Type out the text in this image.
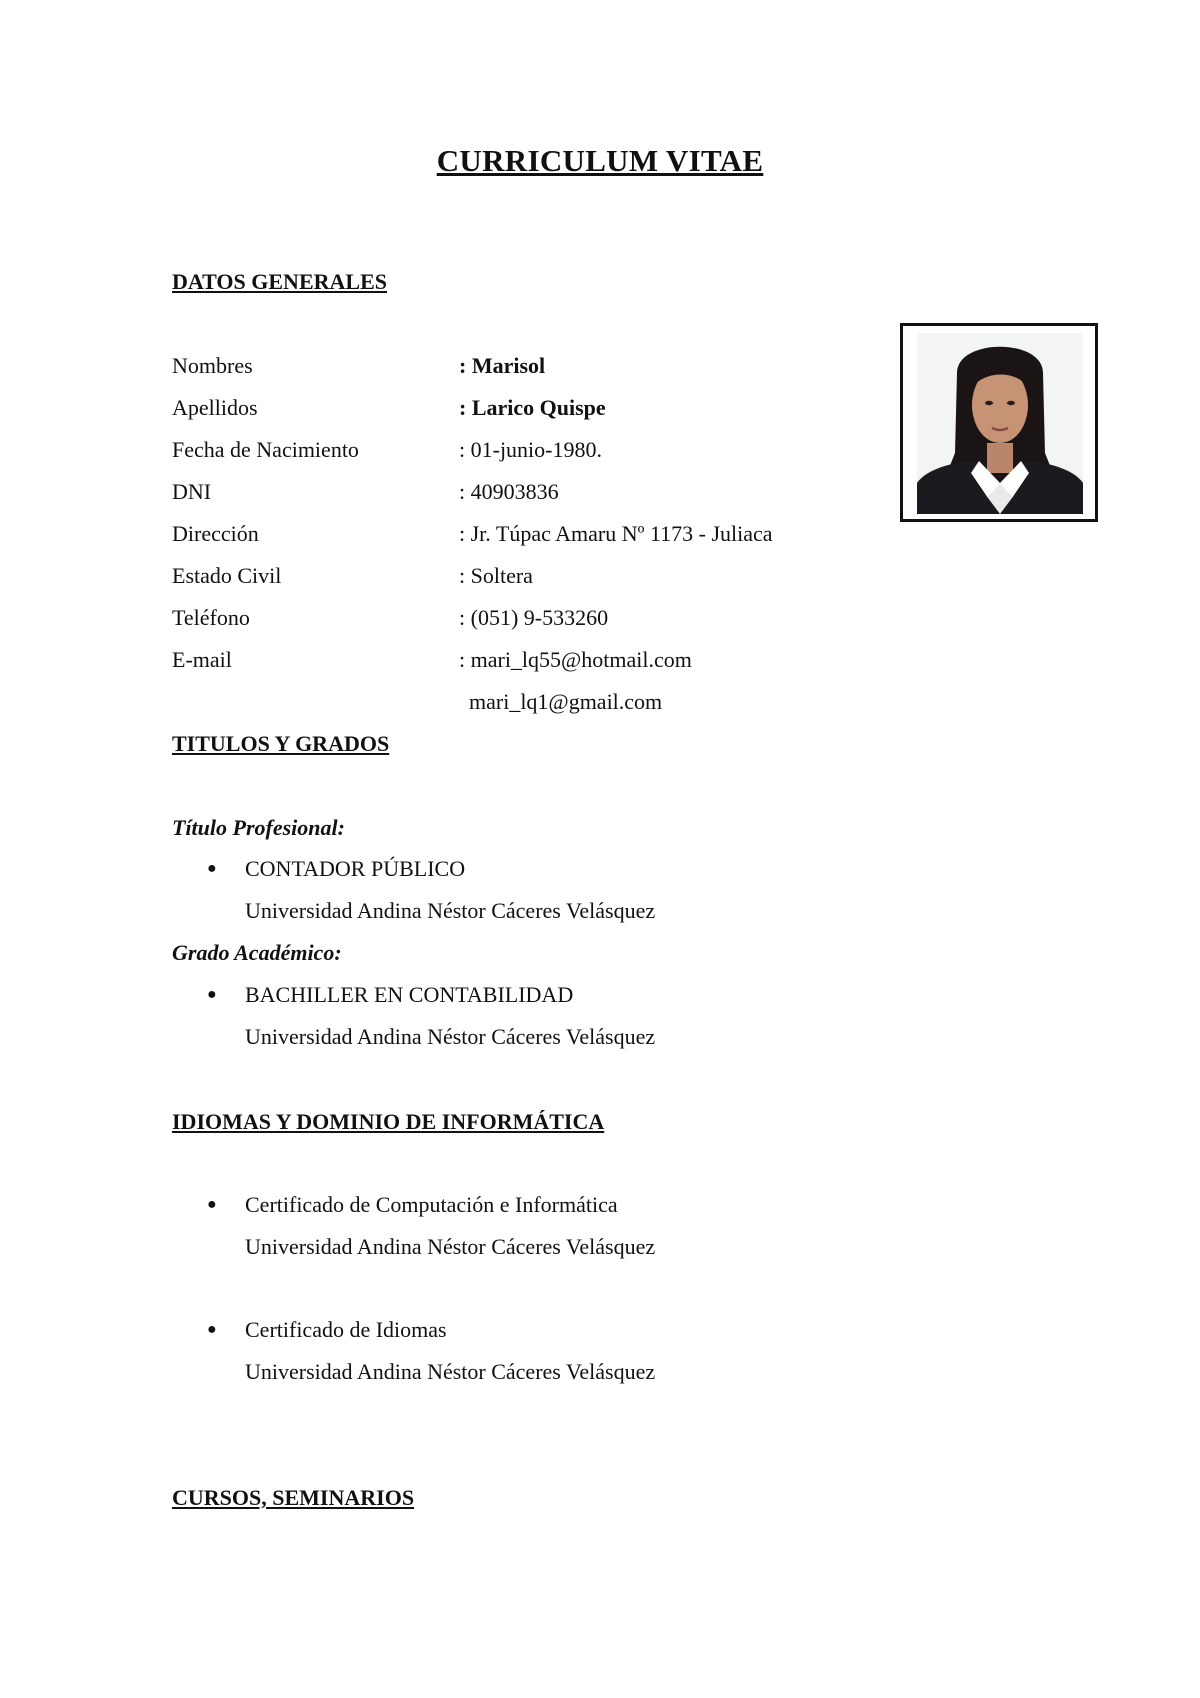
CURRICULUM VITAE
DATOS GENERALES
Nombres	: Marisol
Apellidos	: Larico Quispe
Fecha de Nacimiento	: 01-junio-1980.
DNI	: 40903836
Dirección	: Jr. Túpac Amaru Nº 1173 - Juliaca
Estado Civil	: Soltera
Teléfono	: (051) 9-533260
E-mail	: mari_lq55@hotmail.com
mari_lq1@gmail.com
TITULOS Y GRADOS
Título Profesional:
● CONTADOR PÚBLICO
Universidad Andina Néstor Cáceres Velásquez
Grado Académico:
● BACHILLER EN CONTABILIDAD
Universidad Andina Néstor Cáceres Velásquez
IDIOMAS Y DOMINIO DE INFORMÁTICA
● Certificado de Computación e Informática
Universidad Andina Néstor Cáceres Velásquez
● Certificado de Idiomas
Universidad Andina Néstor Cáceres Velásquez
CURSOS, SEMINARIOS
